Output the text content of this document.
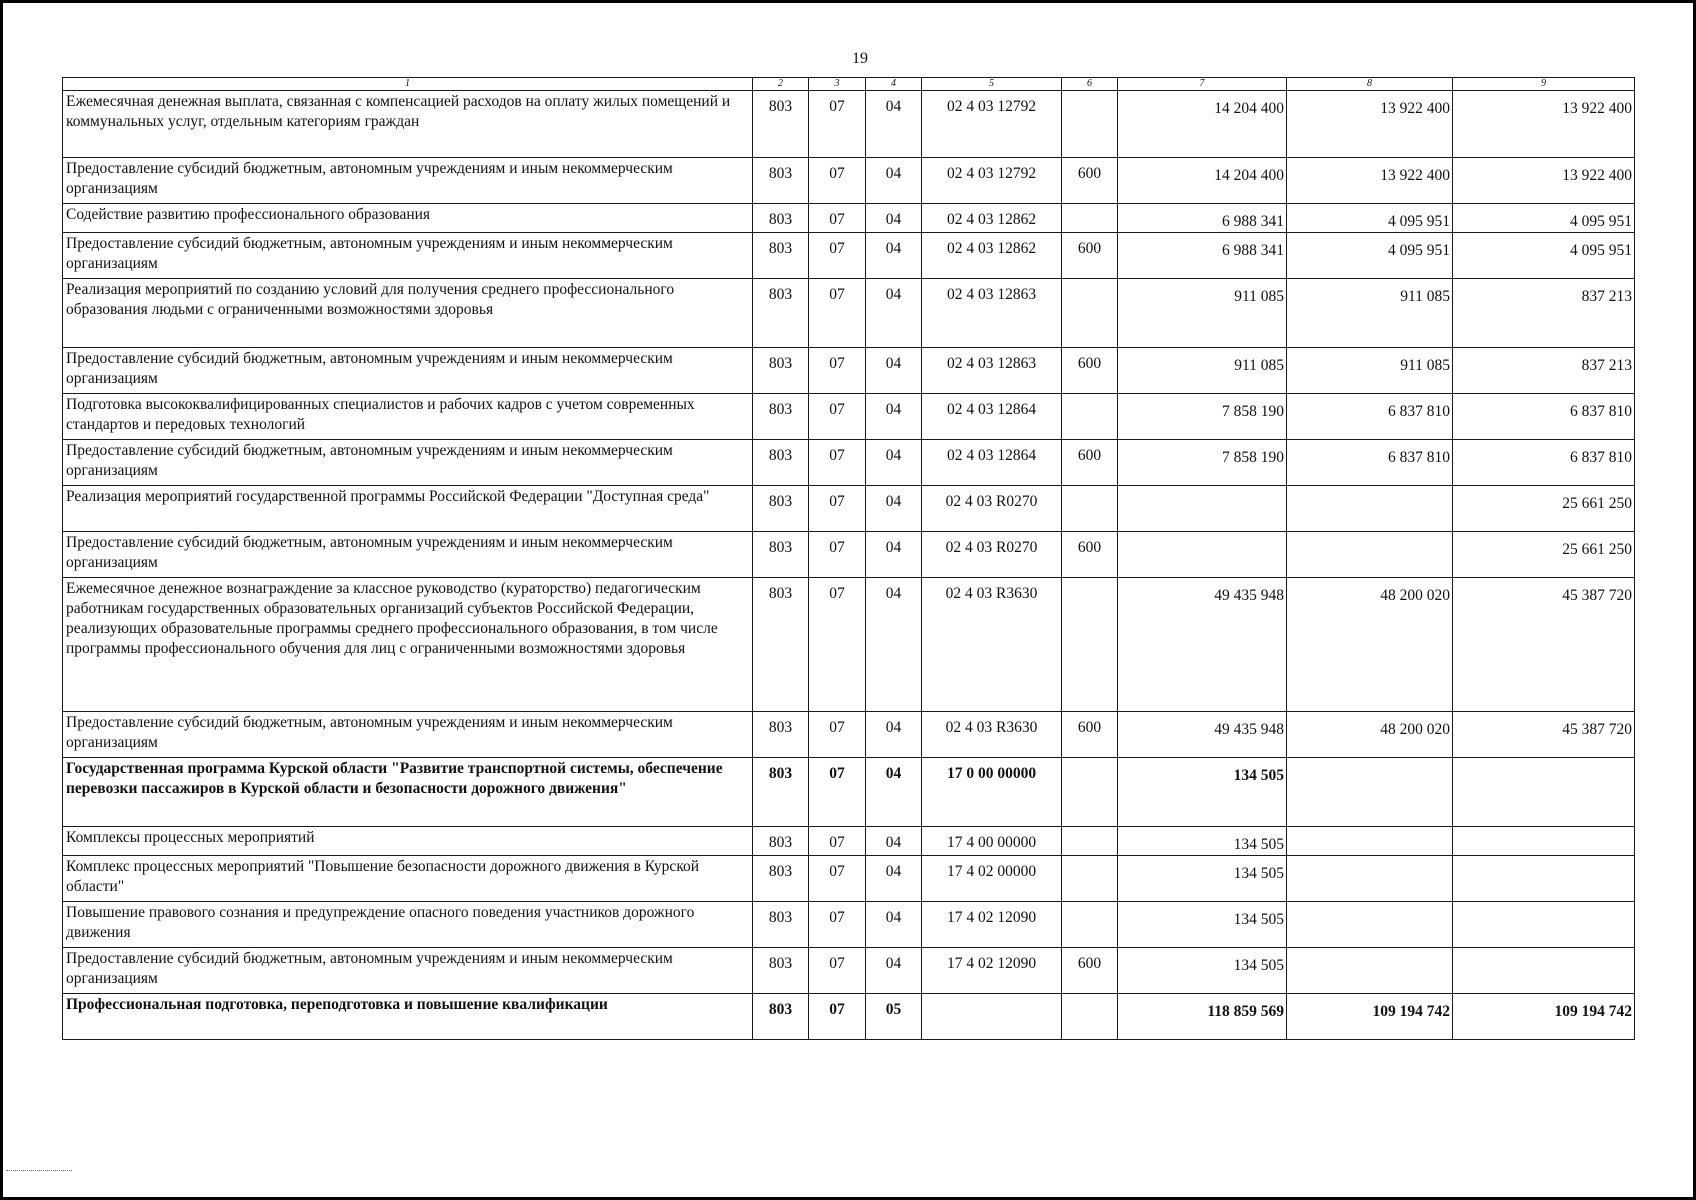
19
1	2	3	4	5	6	7	8	9
Ежемесячная денежная выплата, связанная с компенсацией расходов на оплату жилых помещений и коммунальных услуг, отдельным категориям граждан	803	07	04	02 4 03 12792		14 204 400	13 922 400	13 922 400
Предоставление субсидий бюджетным, автономным учреждениям и иным некоммерческим организациям	803	07	04	02 4 03 12792	600	14 204 400	13 922 400	13 922 400
Содействие развитию профессионального образования	803	07	04	02 4 03 12862		6 988 341	4 095 951	4 095 951
Предоставление субсидий бюджетным, автономным учреждениям и иным некоммерческим организациям	803	07	04	02 4 03 12862	600	6 988 341	4 095 951	4 095 951
Реализация мероприятий по созданию условий для получения среднего профессионального образования людьми с ограниченными возможностями здоровья	803	07	04	02 4 03 12863		911 085	911 085	837 213
Предоставление субсидий бюджетным, автономным учреждениям и иным некоммерческим организациям	803	07	04	02 4 03 12863	600	911 085	911 085	837 213
Подготовка высококвалифицированных специалистов и рабочих кадров с учетом современных стандартов и передовых технологий	803	07	04	02 4 03 12864		7 858 190	6 837 810	6 837 810
Предоставление субсидий бюджетным, автономным учреждениям и иным некоммерческим организациям	803	07	04	02 4 03 12864	600	7 858 190	6 837 810	6 837 810
Реализация мероприятий государственной программы Российской Федерации "Доступная среда"	803	07	04	02 4 03 R0270				25 661 250
Предоставление субсидий бюджетным, автономным учреждениям и иным некоммерческим организациям	803	07	04	02 4 03 R0270	600			25 661 250
Ежемесячное денежное вознаграждение за классное руководство (кураторство) педагогическим работникам государственных образовательных организаций субъектов Российской Федерации, реализующих образовательные программы среднего профессионального образования, в том числе программы профессионального обучения для лиц с ограниченными возможностями здоровья	803	07	04	02 4 03 R3630		49 435 948	48 200 020	45 387 720
Предоставление субсидий бюджетным, автономным учреждениям и иным некоммерческим организациям	803	07	04	02 4 03 R3630	600	49 435 948	48 200 020	45 387 720
Государственная программа Курской области "Развитие транспортной системы, обеспечение перевозки пассажиров в Курской области и безопасности дорожного движения"	803	07	04	17 0 00 00000		134 505		
Комплексы процессных мероприятий	803	07	04	17 4 00 00000		134 505		
Комплекс процессных мероприятий "Повышение безопасности дорожного движения в Курской области"	803	07	04	17 4 02 00000		134 505		
Повышение правового сознания и предупреждение опасного поведения участников дорожного движения	803	07	04	17 4 02 12090		134 505		
Предоставление субсидий бюджетным, автономным учреждениям и иным некоммерческим организациям	803	07	04	17 4 02 12090	600	134 505		
Профессиональная подготовка, переподготовка и повышение квалификации	803	07	05			118 859 569	109 194 742	109 194 742
